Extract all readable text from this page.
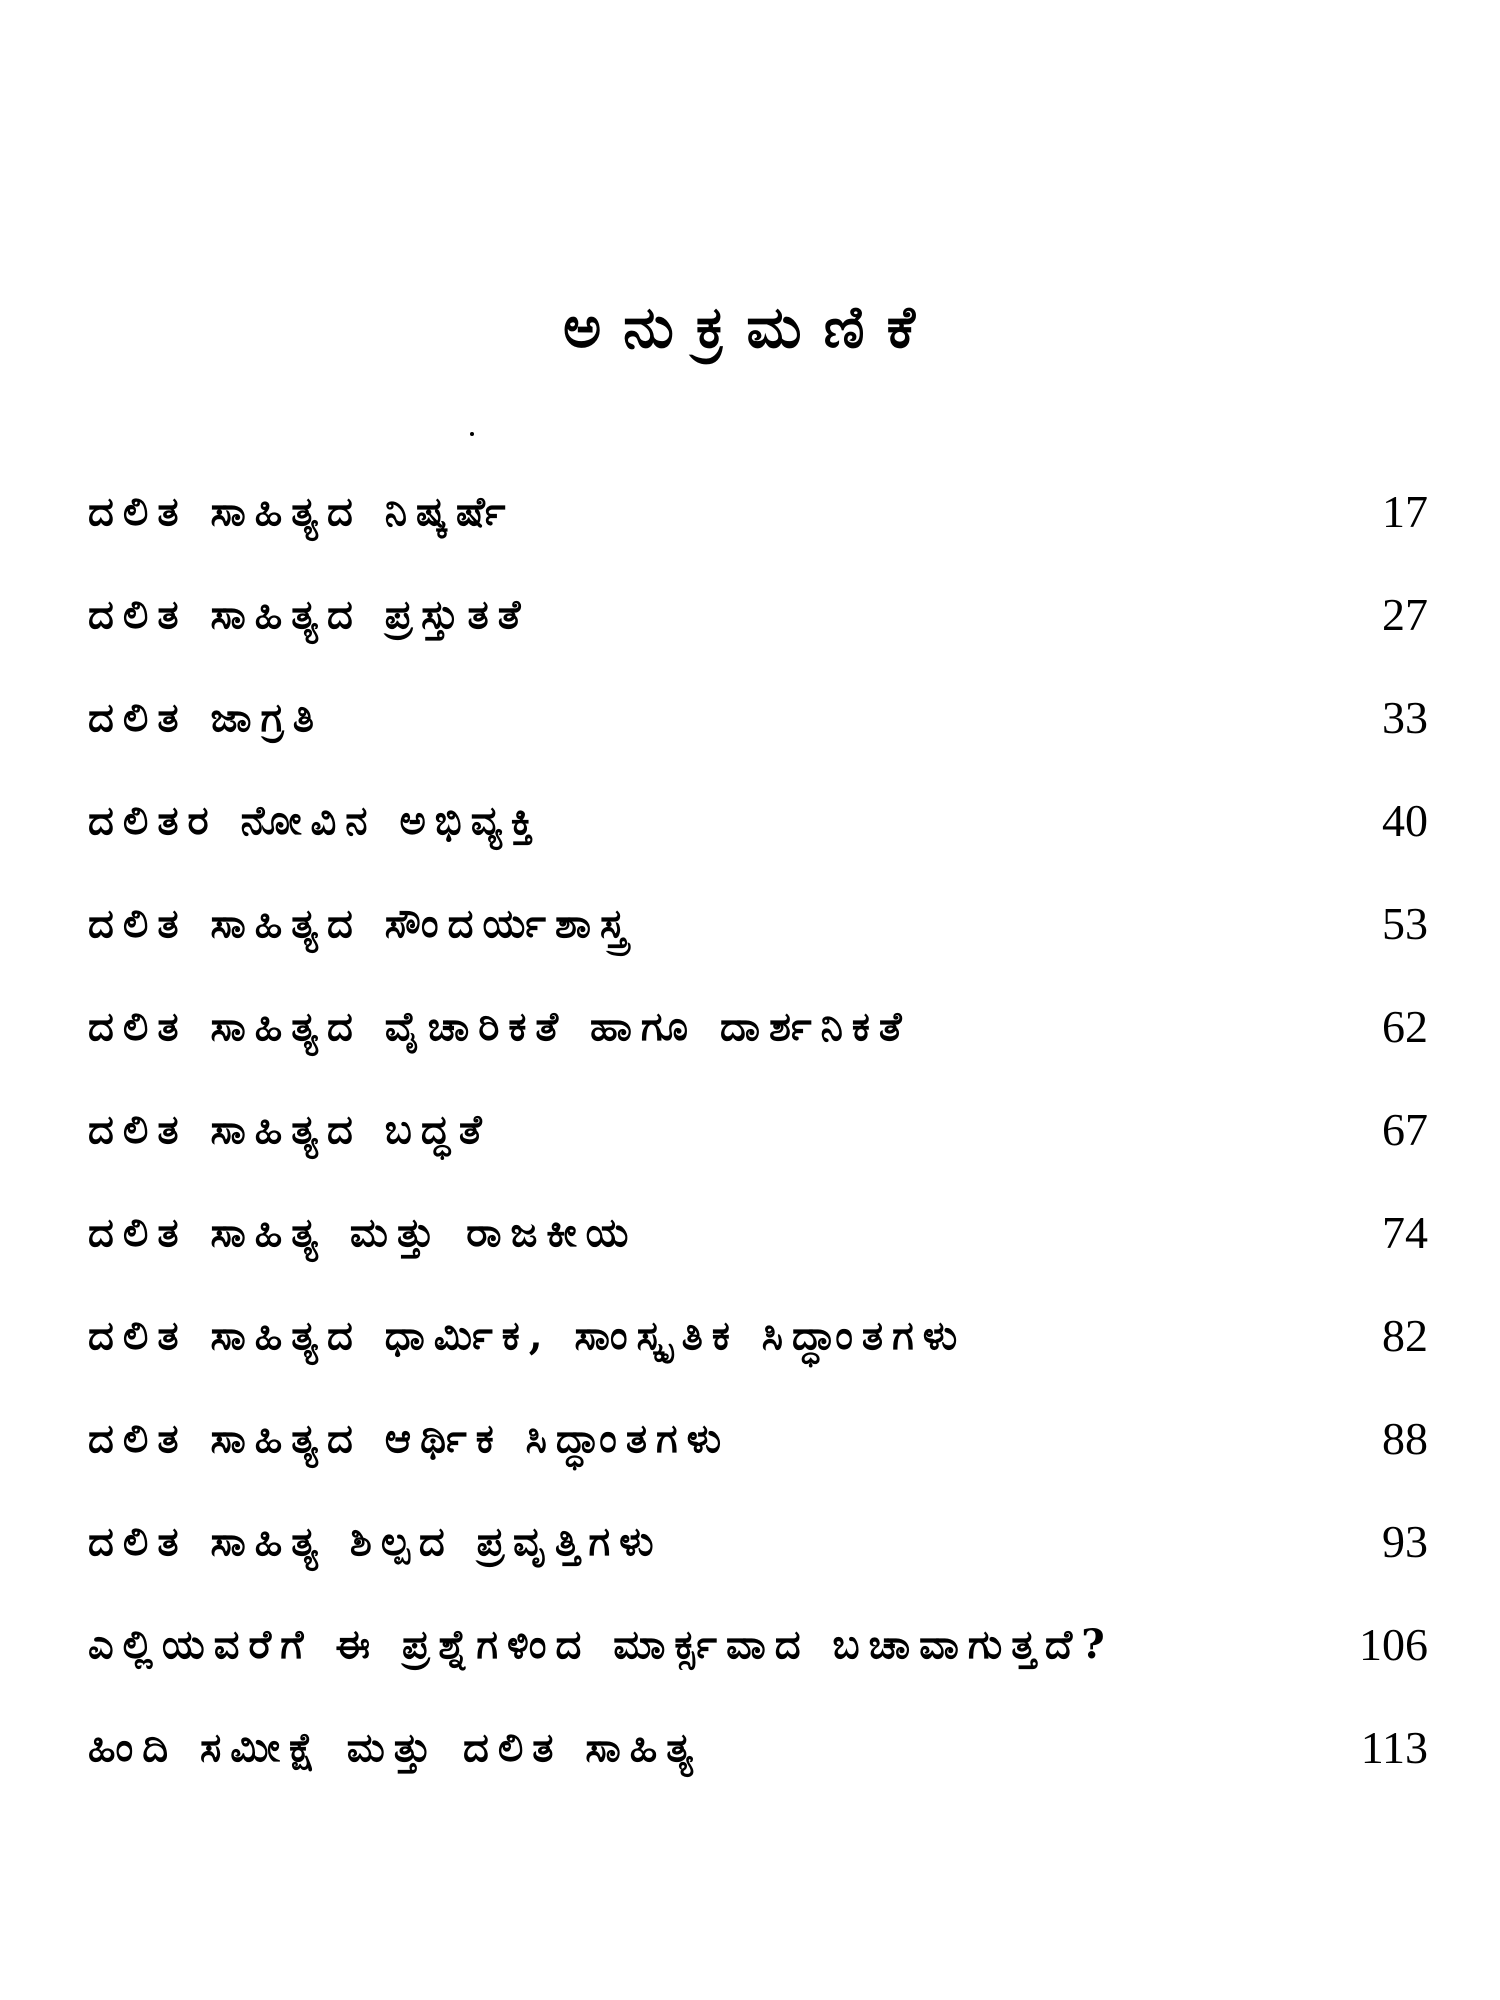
ಅನುಕ್ರಮಣಿಕೆ
ದಲಿತ ಸಾಹಿತ್ಯದ ನಿಷ್ಕರ್ಷೆ	17
ದಲಿತ ಸಾಹಿತ್ಯದ ಪ್ರಸ್ತುತತೆ	27
ದಲಿತ ಜಾಗ್ರತಿ	33
ದಲಿತರ ನೋವಿನ ಅಭಿವ್ಯಕ್ತಿ	40
ದಲಿತ ಸಾಹಿತ್ಯದ ಸೌಂದರ್ಯಶಾಸ್ತ್ರ	53
ದಲಿತ ಸಾಹಿತ್ಯದ ವೈಚಾರಿಕತೆ ಹಾಗೂ ದಾರ್ಶನಿಕತೆ	62
ದಲಿತ ಸಾಹಿತ್ಯದ ಬದ್ಧತೆ	67
ದಲಿತ ಸಾಹಿತ್ಯ ಮತ್ತು ರಾಜಕೀಯ	74
ದಲಿತ ಸಾಹಿತ್ಯದ ಧಾರ್ಮಿಕ, ಸಾಂಸ್ಕೃತಿಕ ಸಿದ್ಧಾಂತಗಳು	82
ದಲಿತ ಸಾಹಿತ್ಯದ ಆರ್ಥಿಕ ಸಿದ್ಧಾಂತಗಳು	88
ದಲಿತ ಸಾಹಿತ್ಯ ಶಿಲ್ಪದ ಪ್ರವೃತ್ತಿಗಳು	93
ಎಲ್ಲಿಯವರೆಗೆ ಈ ಪ್ರಶ್ನೆಗಳಿಂದ ಮಾರ್ಕ್ಸವಾದ ಬಚಾವಾಗುತ್ತದೆ?	106
ಹಿಂದಿ ಸಮೀಕ್ಷೆ ಮತ್ತು ದಲಿತ ಸಾಹಿತ್ಯ	113
